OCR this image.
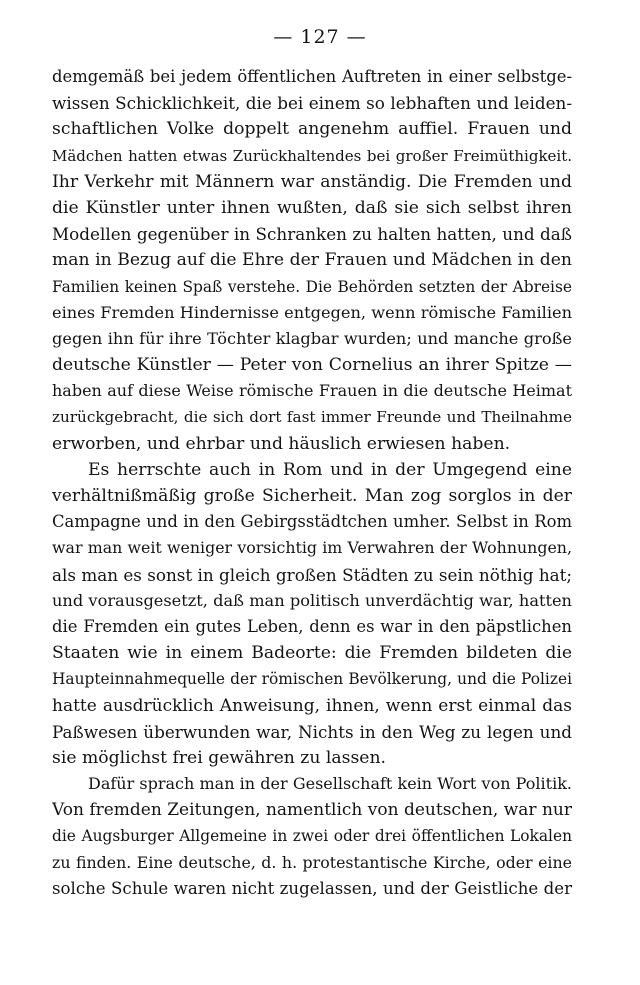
— 127 —
demgemäß bei jedem öffentlichen Auftreten in einer selbstge-
wissen Schicklichkeit, die bei einem so lebhaften und leiden-
schaftlichen Volke doppelt angenehm auffiel. Frauen und
Mädchen hatten etwas Zurückhaltendes bei großer Freimüthigkeit.
Ihr Verkehr mit Männern war anständig. Die Fremden und
die Künstler unter ihnen wußten, daß sie sich selbst ihren
Modellen gegenüber in Schranken zu halten hatten, und daß
man in Bezug auf die Ehre der Frauen und Mädchen in den
Familien keinen Spaß verstehe. Die Behörden setzten der Abreise
eines Fremden Hindernisse entgegen, wenn römische Familien
gegen ihn für ihre Töchter klagbar wurden; und manche große
deutsche Künstler — Peter von Cornelius an ihrer Spitze —
haben auf diese Weise römische Frauen in die deutsche Heimat
zurückgebracht, die sich dort fast immer Freunde und Theilnahme
erworben, und ehrbar und häuslich erwiesen haben.
Es herrschte auch in Rom und in der Umgegend eine
verhältnißmäßig große Sicherheit. Man zog sorglos in der
Campagne und in den Gebirgsstädtchen umher. Selbst in Rom
war man weit weniger vorsichtig im Verwahren der Wohnungen,
als man es sonst in gleich großen Städten zu sein nöthig hat;
und vorausgesetzt, daß man politisch unverdächtig war, hatten
die Fremden ein gutes Leben, denn es war in den päpstlichen
Staaten wie in einem Badeorte: die Fremden bildeten die
Haupteinnahmequelle der römischen Bevölkerung, und die Polizei
hatte ausdrücklich Anweisung, ihnen, wenn erst einmal das
Paßwesen überwunden war, Nichts in den Weg zu legen und
sie möglichst frei gewähren zu lassen.
Dafür sprach man in der Gesellschaft kein Wort von Politik.
Von fremden Zeitungen, namentlich von deutschen, war nur
die Augsburger Allgemeine in zwei oder drei öffentlichen Lokalen
zu finden. Eine deutsche, d. h. protestantische Kirche, oder eine
solche Schule waren nicht zugelassen, und der Geistliche der
